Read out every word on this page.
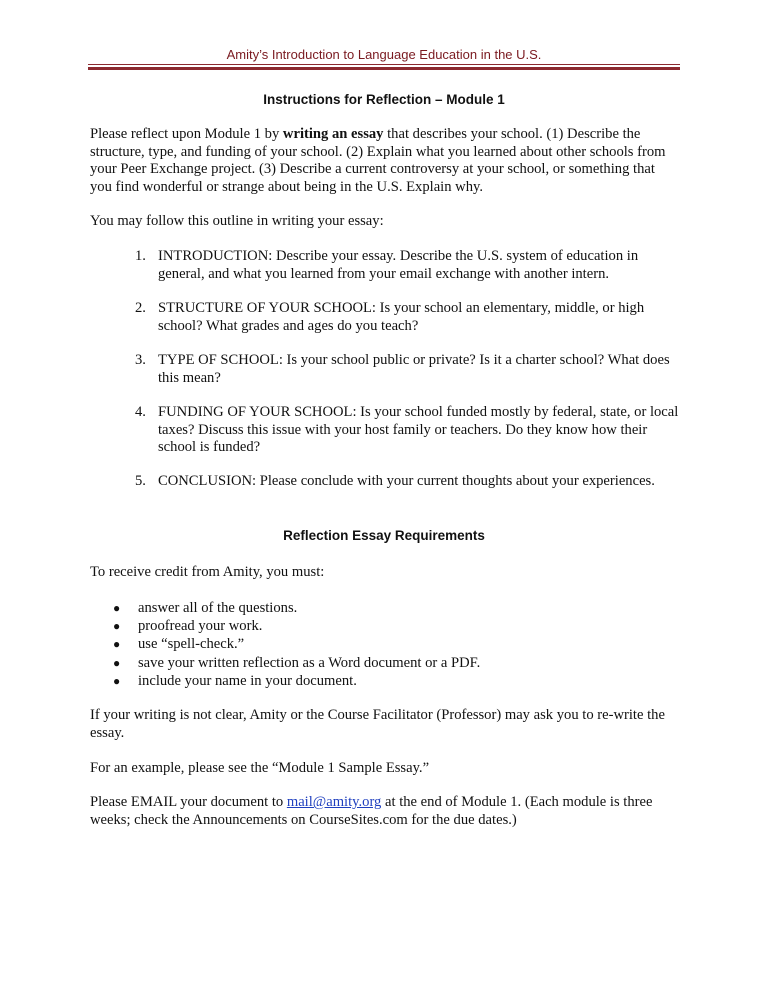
Amity’s Introduction to Language Education in the U.S.
Instructions for Reflection – Module 1
Please reflect upon Module 1 by writing an essay that describes your school. (1) Describe the structure, type, and funding of your school. (2) Explain what you learned about other schools from your Peer Exchange project. (3) Describe a current controversy at your school, or something that you find wonderful or strange about being in the U.S. Explain why.
You may follow this outline in writing your essay:
1. INTRODUCTION: Describe your essay. Describe the U.S. system of education in general, and what you learned from your email exchange with another intern.
2. STRUCTURE OF YOUR SCHOOL: Is your school an elementary, middle, or high school? What grades and ages do you teach?
3. TYPE OF SCHOOL: Is your school public or private? Is it a charter school? What does this mean?
4. FUNDING OF YOUR SCHOOL: Is your school funded mostly by federal, state, or local taxes? Discuss this issue with your host family or teachers. Do they know how their school is funded?
5. CONCLUSION: Please conclude with your current thoughts about your experiences.
Reflection Essay Requirements
To receive credit from Amity, you must:
● answer all of the questions.
● proofread your work.
● use “spell-check.”
● save your written reflection as a Word document or a PDF.
● include your name in your document.
If your writing is not clear, Amity or the Course Facilitator (Professor) may ask you to re-write the essay.
For an example, please see the “Module 1 Sample Essay.”
Please EMAIL your document to mail@amity.org at the end of Module 1. (Each module is three weeks; check the Announcements on CourseSites.com for the due dates.)
